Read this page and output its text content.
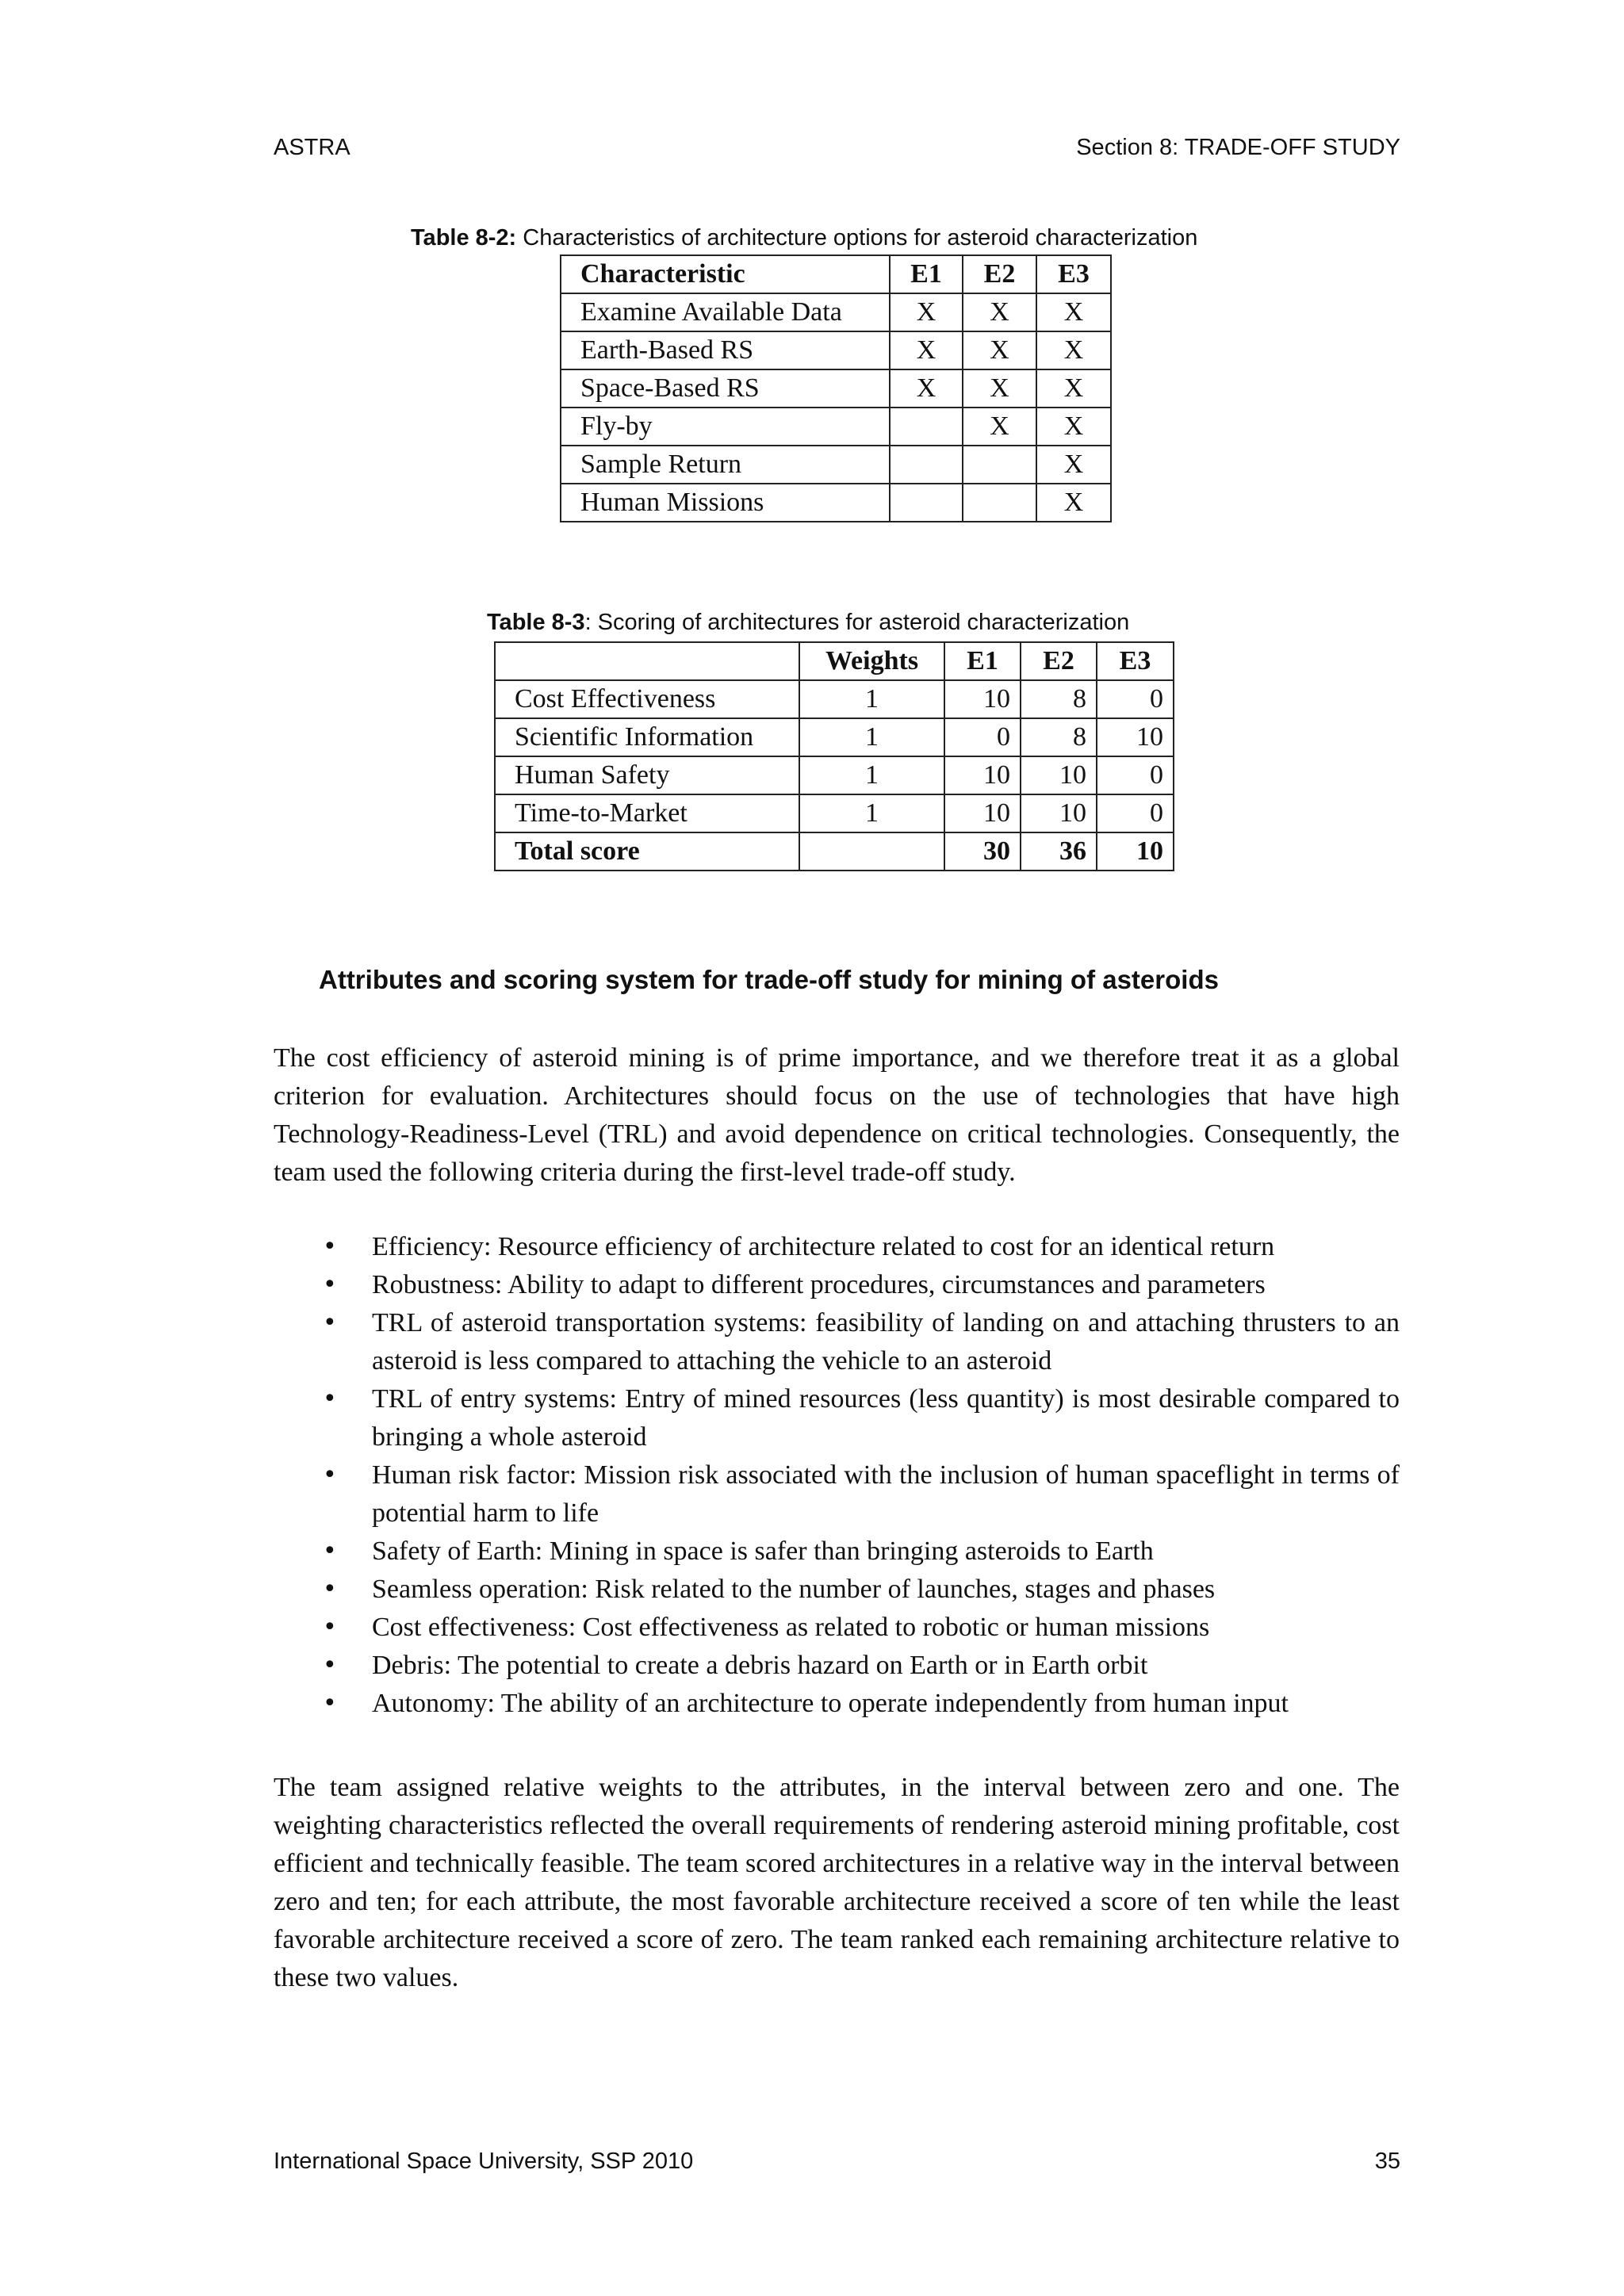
ASTRA	Section 8: TRADE-OFF STUDY
Table 8-2: Characteristics of architecture options for asteroid characterization
Characteristic	E1	E2	E3
Examine Available Data	X	X	X
Earth-Based RS	X	X	X
Space-Based RS	X	X	X
Fly-by		X	X
Sample Return			X
Human Missions			X
Table 8-3: Scoring of architectures for asteroid characterization
	Weights	E1	E2	E3
Cost Effectiveness	1	10	8	0
Scientific Information	1	0	8	10
Human Safety	1	10	10	0
Time-to-Market	1	10	10	0
Total score		30	36	10
Attributes and scoring system for trade-off study for mining of asteroids

The cost efficiency of asteroid mining is of prime importance, and we therefore treat it as a global criterion for evaluation. Architectures should focus on the use of technologies that have high Technology-Readiness-Level (TRL) and avoid dependence on critical technologies. Consequently, the team used the following criteria during the first-level trade-off study.

• Efficiency: Resource efficiency of architecture related to cost for an identical return
• Robustness: Ability to adapt to different procedures, circumstances and parameters
• TRL of asteroid transportation systems: feasibility of landing on and attaching thrusters to an asteroid is less compared to attaching the vehicle to an asteroid
• TRL of entry systems: Entry of mined resources (less quantity) is most desirable compared to bringing a whole asteroid
• Human risk factor: Mission risk associated with the inclusion of human spaceflight in terms of potential harm to life
• Safety of Earth: Mining in space is safer than bringing asteroids to Earth
• Seamless operation: Risk related to the number of launches, stages and phases
• Cost effectiveness: Cost effectiveness as related to robotic or human missions
• Debris: The potential to create a debris hazard on Earth or in Earth orbit
• Autonomy: The ability of an architecture to operate independently from human input

The team assigned relative weights to the attributes, in the interval between zero and one. The weighting characteristics reflected the overall requirements of rendering asteroid mining profitable, cost efficient and technically feasible. The team scored architectures in a relative way in the interval between zero and ten; for each attribute, the most favorable architecture received a score of ten while the least favorable architecture received a score of zero. The team ranked each remaining architecture relative to these two values.

International Space University, SSP 2010	35
